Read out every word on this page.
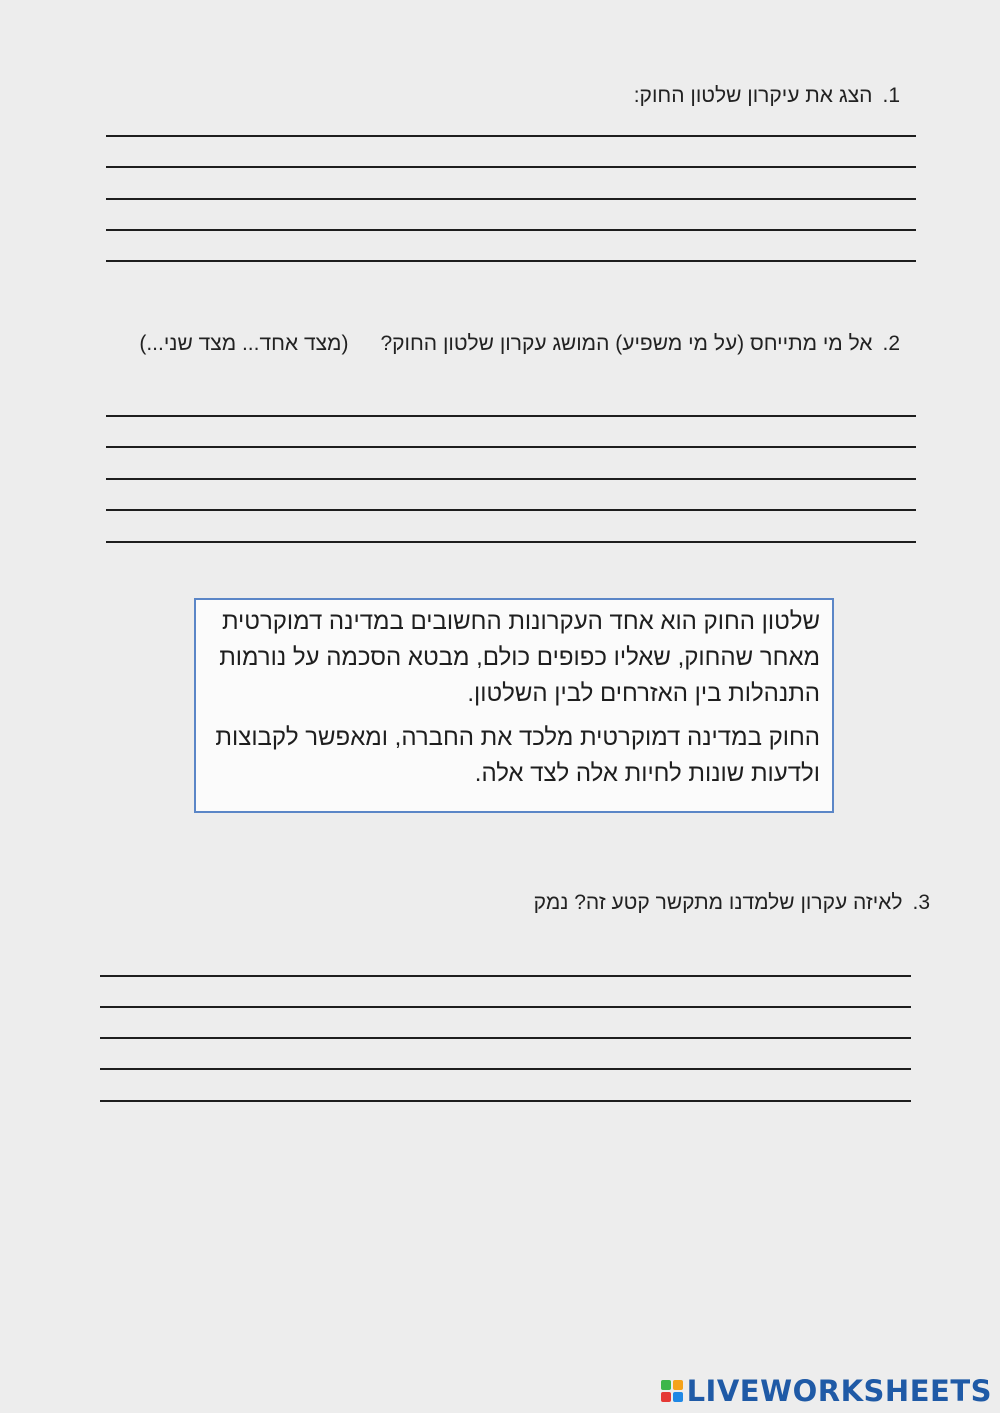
1.הצג את עיקרון שלטון החוק:
2.אל מי מתייחס (על מי משפיע) המושג עקרון שלטון החוק?(מצד אחד... מצד שני...)

שלטון החוק הוא אחד העקרונות החשובים במדינה דמוקרטית
מאחר שהחוק, שאליו כפופים כולם, מבטא הסכמה על נורמות
התנהלות בין האזרחים לבין השלטון.

החוק במדינה דמוקרטית מלכד את החברה, ומאפשר לקבוצות
ולדעות שונות לחיות אלה לצד אלה.

3.לאיזה עקרון שלמדנו מתקשר קטע זה? נמק
LIVEWORKSHEETS
